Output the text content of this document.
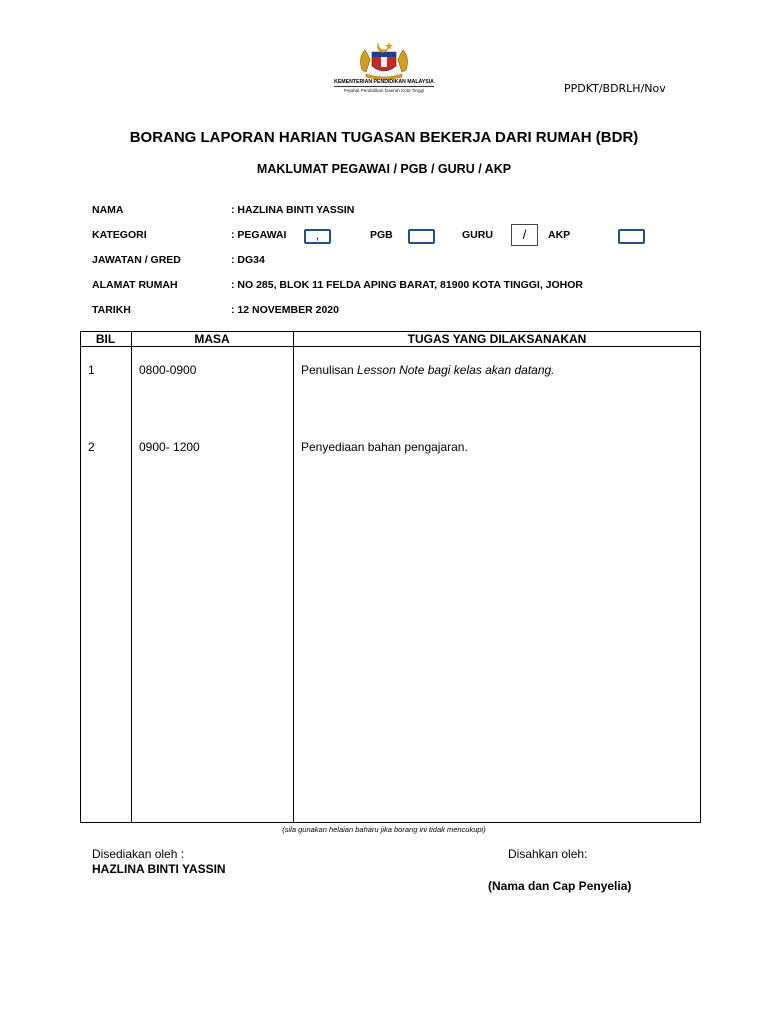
KEMENTERIAN PENDIDIKAN MALAYSIA
Pejabat Pendidikan Daerah Kota Tinggi	PPDKT/BDRLH/Nov
BORANG LAPORAN HARIAN TUGASAN BEKERJA DARI RUMAH (BDR)
MAKLUMAT PEGAWAI / PGB / GURU / AKP
NAMA	: HAZLINA BINTI YASSIN
KATEGORI	: PEGAWAI	,	PGB	GURU	/	AKP
JAWATAN / GRED	: DG34
ALAMAT RUMAH	: NO 285, BLOK 11 FELDA APING BARAT, 81900 KOTA TINGGI, JOHOR
TARIKH	: 12 NOVEMBER 2020
BIL	MASA	TUGAS YANG DILAKSANAKAN
1	0800-0900	Penulisan Lesson Note bagi kelas akan datang.
2	0900- 1200	Penyediaan bahan pengajaran.
(sila gunakan helaian baharu jika borang ini tidak mencukupi)
Disediakan oleh :
HAZLINA BINTI YASSIN
Disahkan oleh:
(Nama dan Cap Penyelia)
